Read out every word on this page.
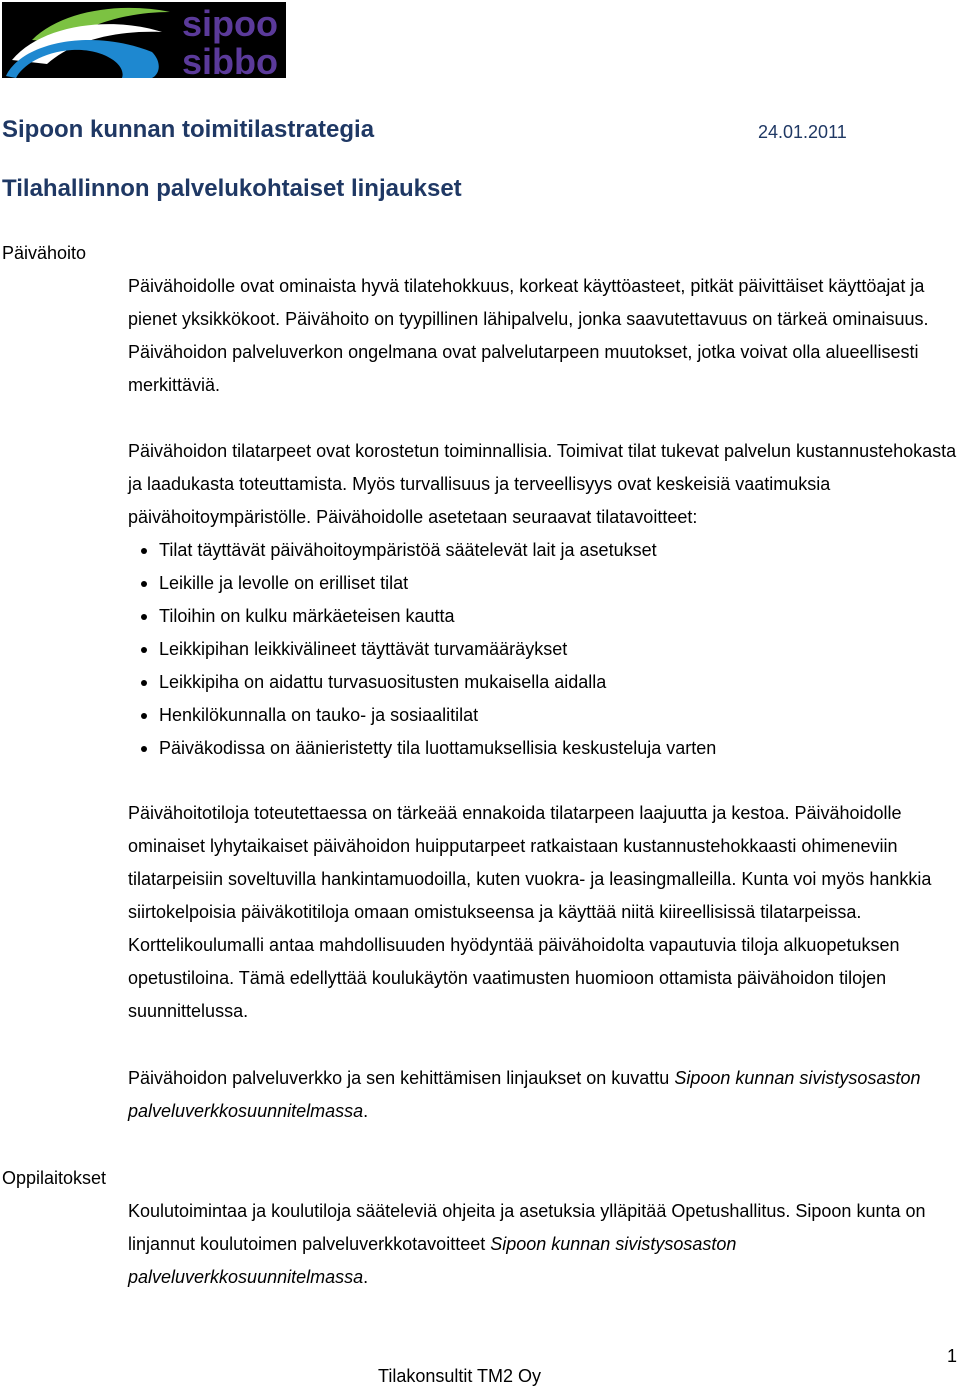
sipoo
sibbo
Sipoon kunnan toimitilastrategia	24.01.2011
Tilahallinnon palvelukohtaiset linjaukset
Päivähoito

Päivähoidolle ovat ominaista hyvä tilatehokkuus, korkeat käyttöasteet, pitkät päivittäiset käyttöajat ja pienet yksikkökoot. Päivähoito on tyypillinen lähipalvelu, jonka saavutettavuus on tärkeä ominaisuus. Päivähoidon palveluverkon ongelmana ovat palvelutarpeen muutokset, jotka voivat olla alueellisesti merkittäviä.

Päivähoidon tilatarpeet ovat korostetun toiminnallisia. Toimivat tilat tukevat palvelun kustannustehokasta ja laadukasta toteuttamista. Myös turvallisuus ja terveellisyys ovat keskeisiä vaatimuksia päivähoitoympäristölle. Päivähoidolle asetetaan seuraavat tilatavoitteet:

Tilat täyttävät päivähoitoympäristöä säätelevät lait ja asetukset
Leikille ja levolle on erilliset tilat
Tiloihin on kulku märkäeteisen kautta
Leikkipihan leikkivälineet täyttävät turvamääräykset
Leikkipiha on aidattu turvasuositusten mukaisella aidalla
Henkilökunnalla on tauko- ja sosiaalitilat
Päiväkodissa on äänieristetty tila luottamuksellisia keskusteluja varten

Päivähoitotiloja toteutettaessa on tärkeää ennakoida tilatarpeen laajuutta ja kestoa. Päivähoidolle ominaiset lyhytaikaiset päivähoidon huipputarpeet ratkaistaan kustannustehokkaasti ohimeneviin tilatarpeisiin soveltuvilla hankintamuodoilla, kuten vuokra- ja leasingmalleilla. Kunta voi myös hankkia siirtokelpoisia päiväkotitiloja omaan omistukseensa ja käyttää niitä kiireellisissä tilatarpeissa. Korttelikoulumalli antaa mahdollisuuden hyödyntää päivähoidolta vapautuvia tiloja alkuopetuksen opetustiloina. Tämä edellyttää koulukäytön vaatimusten huomioon ottamista päivähoidon tilojen suunnittelussa.

Päivähoidon palveluverkko ja sen kehittämisen linjaukset on kuvattu Sipoon kunnan sivistysosaston palveluverkkosuunnitelmassa.

Oppilaitokset

Koulutoimintaa ja koulutiloja sääteleviä ohjeita ja asetuksia ylläpitää Opetushallitus. Sipoon kunta on linjannut koulutoimen palveluverkkotavoitteet Sipoon kunnan sivistysosaston palveluverkkosuunnitelmassa.

1
Tilakonsultit TM2 Oy
